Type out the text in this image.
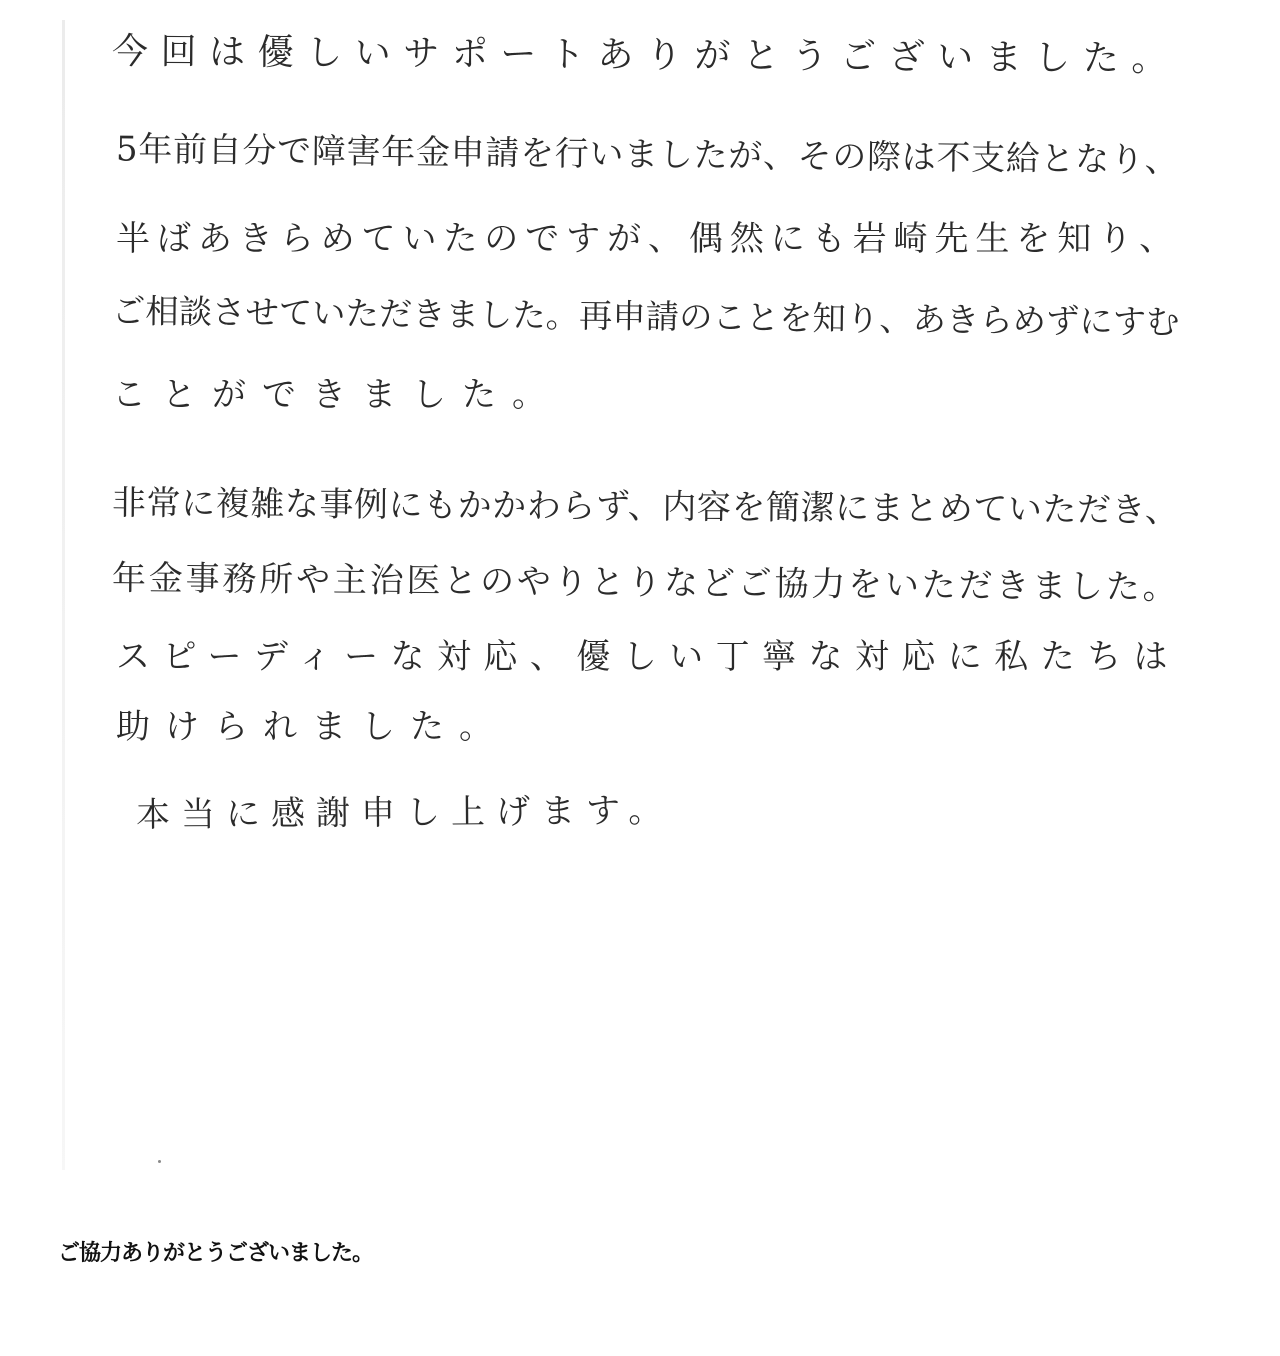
今回は優しいサポートありがとうございました。

5年前自分で障害年金申請を行いましたが、その際は不支給となり、

半ばあきらめていたのですが、偶然にも岩崎先生を知り、

ご相談させていただきました。再申請のことを知り、あきらめずにすむ

ことができました。

非常に複雑な事例にもかかわらず、内容を簡潔にまとめていただき、

年金事務所や主治医とのやりとりなどご協力をいただきました。

スピーディーな対応、優しい丁寧な対応に私たちは

助けられました。

本当に感謝申し上げます。

ご協力ありがとうございました。
